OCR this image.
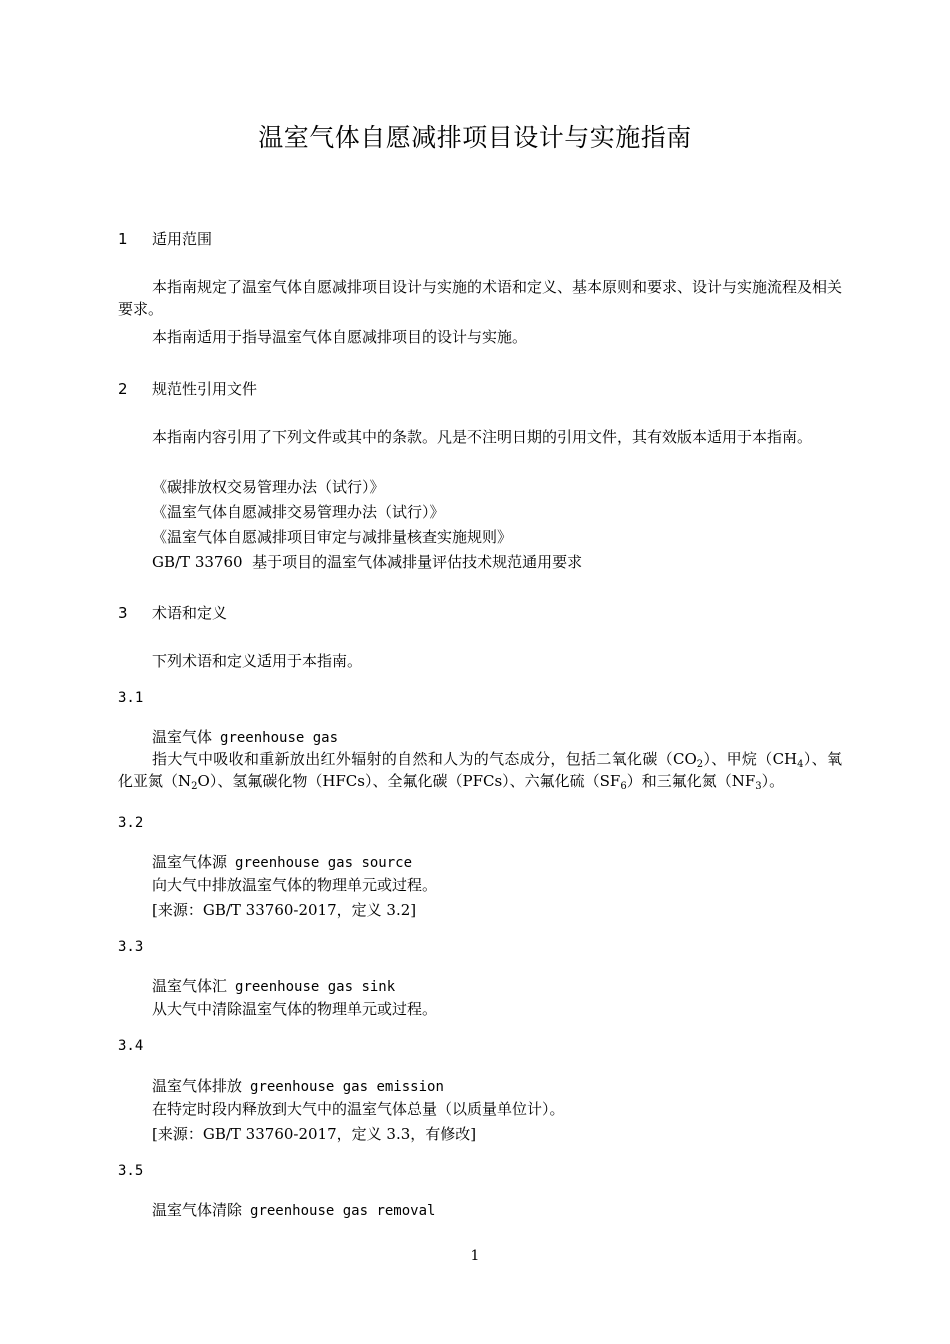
温室气体自愿减排项目设计与实施指南
1 适用范围
本指南规定了温室气体自愿减排项目设计与实施的术语和定义、基本原则和要求、设计与实施流程及相关要求。
本指南适用于指导温室气体自愿减排项目的设计与实施。
2 规范性引用文件
本指南内容引用了下列文件或其中的条款。凡是不注明日期的引用文件，其有效版本适用于本指南。
《碳排放权交易管理办法（试行）》
《温室气体自愿减排交易管理办法（试行）》
《温室气体自愿减排项目审定与减排量核查实施规则》
GB/T 33760  基于项目的温室气体减排量评估技术规范通用要求
3 术语和定义
下列术语和定义适用于本指南。
3.1
温室气体 greenhouse gas
指大气中吸收和重新放出红外辐射的自然和人为的气态成分，包括二氧化碳$(CO_2)$、甲烷$(CH_4)$、氧化亚氮$(N_2O)$、氢氟碳化物（HFCs）、全氟化碳（PFCs）、六氟化硫$(SF_6)$和三氟化氮$(NF_3)$。
3.2
温室气体源 greenhouse gas source
向大气中排放温室气体的物理单元或过程。
[来源：GB/T 33760-2017，定义 3.2]
3.3
温室气体汇 greenhouse gas sink
从大气中清除温室气体的物理单元或过程。
3.4
温室气体排放 greenhouse gas emission
在特定时段内释放到大气中的温室气体总量（以质量单位计）。
[来源：GB/T 33760-2017，定义 3.3，有修改]
3.5
温室气体清除 greenhouse gas removal
1
